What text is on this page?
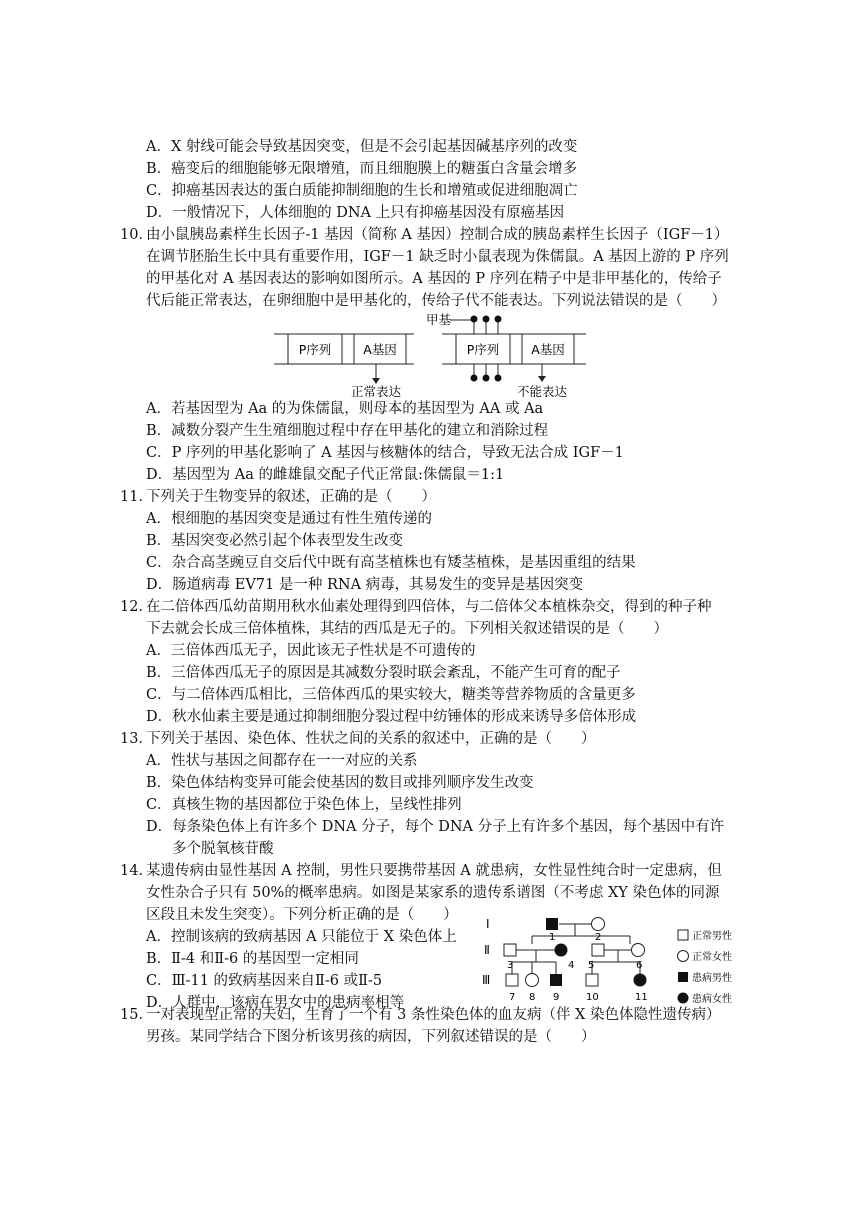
A．X 射线可能会导致基因突变，但是不会引起基因碱基序列的改变
B．癌变后的细胞能够无限增殖，而且细胞膜上的糖蛋白含量会增多
C．抑癌基因表达的蛋白质能抑制细胞的生长和增殖或促进细胞凋亡
D．一般情况下，人体细胞的 DNA 上只有抑癌基因没有原癌基因
10．由小鼠胰岛素样生长因子-1 基因（简称 A 基因）控制合成的胰岛素样生长因子（IGF－1）
在调节胚胎生长中具有重要作用，IGF－1 缺乏时小鼠表现为侏儒鼠。A 基因上游的 P 序列
的甲基化对 A 基因表达的影响如图所示。A 基因的 P 序列在精子中是非甲基化的，传给子
代后能正常表达，在卵细胞中是甲基化的，传给子代不能表达。下列说法错误的是（　　）
P序列	A基因
正常表达
甲基
P序列	A基因
不能表达
A．若基因型为 Aa 的为侏儒鼠，则母本的基因型为 AA 或 Aa
B．减数分裂产生生殖细胞过程中存在甲基化的建立和消除过程
C．P 序列的甲基化影响了 A 基因与核糖体的结合，导致无法合成 IGF－1
D．基因型为 Aa 的雌雄鼠交配子代正常鼠:侏儒鼠＝1:1
11．下列关于生物变异的叙述，正确的是（　　）
A．根细胞的基因突变是通过有性生殖传递的
B．基因突变必然引起个体表型发生改变
C．杂合高茎豌豆自交后代中既有高茎植株也有矮茎植株，是基因重组的结果
D．肠道病毒 EV71 是一种 RNA 病毒，其易发生的变异是基因突变
12．在二倍体西瓜幼苗期用秋水仙素处理得到四倍体，与二倍体父本植株杂交，得到的种子种
下去就会长成三倍体植株，其结的西瓜是无子的。下列相关叙述错误的是（　　）
A．三倍体西瓜无子，因此该无子性状是不可遗传的
B．三倍体西瓜无子的原因是其减数分裂时联会紊乱，不能产生可育的配子
C．与二倍体西瓜相比，三倍体西瓜的果实较大，糖类等营养物质的含量更多
D．秋水仙素主要是通过抑制细胞分裂过程中纺锤体的形成来诱导多倍体形成
13．下列关于基因、染色体、性状之间的关系的叙述中，正确的是（　　）
A．性状与基因之间都存在一一对应的关系
B．染色体结构变异可能会使基因的数目或排列顺序发生改变
C．真核生物的基因都位于染色体上，呈线性排列
D．每条染色体上有许多个 DNA 分子，每个 DNA 分子上有许多个基因，每个基因中有许
多个脱氧核苷酸
14．某遗传病由显性基因 A 控制，男性只要携带基因 A 就患病，女性显性纯合时一定患病，但
女性杂合子只有 50%的概率患病。如图是某家系的遗传系谱图（不考虑 XY 染色体的同源
区段且未发生突变）。下列分析正确的是（　　）
A．控制该病的致病基因 A 只能位于 X 染色体上
B．Ⅱ-4 和Ⅱ-6 的基因型一定相同
C．Ⅲ-11 的致病基因来自Ⅱ-6 或Ⅱ-5
D．人群中，该病在男女中的患病率相等
Ⅰ
Ⅱ
Ⅲ
1	2
3	4 5	6
7 8 9	10	11
正常男性
正常女性
患病男性
患病女性
15．一对表现型正常的夫妇，生育了一个有 3 条性染色体的血友病（伴 X 染色体隐性遗传病）
男孩。某同学结合下图分析该男孩的病因，下列叙述错误的是（　　）
